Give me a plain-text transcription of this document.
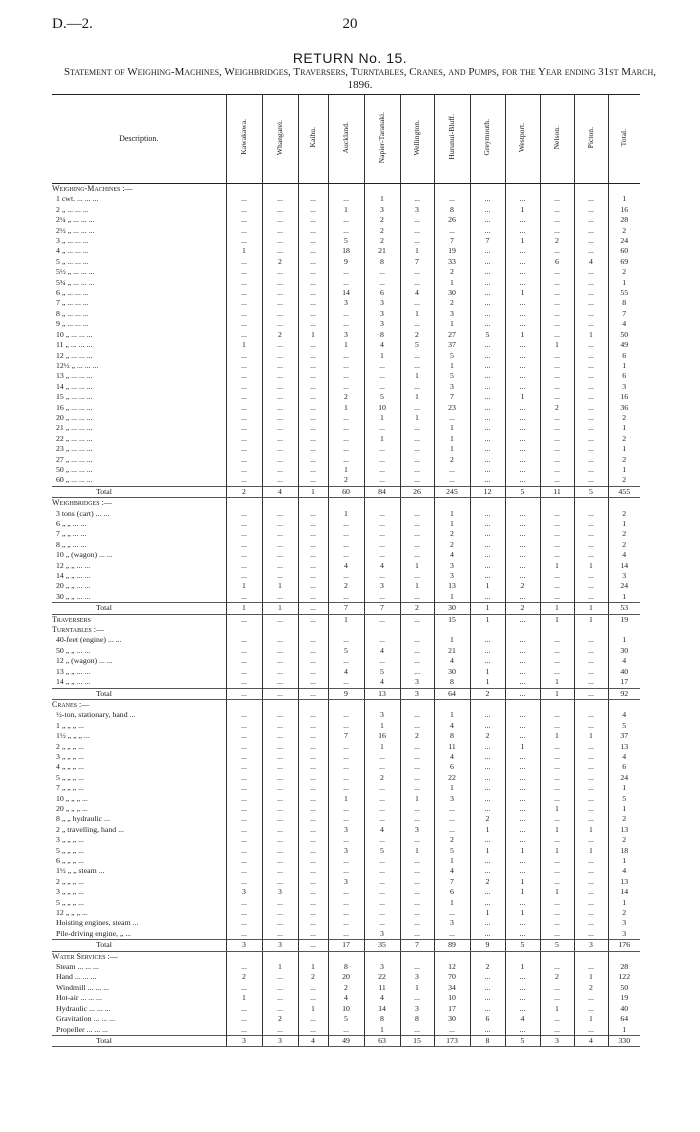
D.—2.	20
RETURN No. 15.
Statement of Weighing-Machines, Weighbridges, Traversers, Turntables, Cranes, and Pumps, for the Year ending 31st March, 1896.
Description.	Kawakawa.	Whangarei.	Kaihu.	Auckland.	Napier-Taranaki.	Wellington.	Hurunui-Bluff.	Greymouth.	Westport.	Nelson.	Picton.	Total.
Weighing-Machines :—												
1 cwt. ... ... ...	...	...	...	...	1	...	...	...	...	...	...	1
2 „ ... ... ...	...	...	...	1	3	3	8	...	1	...	...	16
2¼ „ ... ... ...	...	...	...	...	2	...	26	...	...	...	...	28
2½ „ ... ... ...	...	...	...	...	2	...	...	...	...	...	...	2
3 „ ... ... ...	...	...	...	5	2	...	7	7	1	2	...	24
4 „ ... ... ...	1	...	...	18	21	1	19	...	...	...	...	60
5 „ ... ... ...	...	2	...	9	8	7	33	...	...	6	4	69
5½ „ ... ... ...	...	...	...	...	...	...	2	...	...	...	...	2
5¾ „ ... ... ...	...	...	...	...	...	...	1	...	...	...	...	1
6 „ ... ... ...	...	...	...	14	6	4	30	...	1	...	...	55
7 „ ... ... ...	...	...	...	3	3	...	2	...	...	...	...	8
8 „ ... ... ...	...	...	...	...	3	1	3	...	...	...	...	7
9 „ ... ... ...	...	...	...	...	3	...	1	...	...	...	...	4
10 „ ... ... ...	...	2	1	3	8	2	27	5	1	...	1	50
11 „ ... ... ...	1	...	...	1	4	5	37	...	...	1	...	49
12 „ ... ... ...	...	...	...	...	1	...	5	...	...	...	...	6
12½ „ ... ... ...	...	...	...	...	...	...	1	...	...	...	...	1
13 „ ... ... ...	...	...	...	...	...	1	5	...	...	...	...	6
14 „ ... ... ...	...	...	...	...	...	...	3	...	...	...	...	3
15 „ ... ... ...	...	...	...	2	5	1	7	...	1	...	...	16
16 „ ... ... ...	...	...	...	1	10	...	23	...	...	2	...	36
20 „ ... ... ...	...	...	...	...	1	1	...	...	...	...	...	2
21 „ ... ... ...	...	...	...	...	...	...	1	...	...	...	...	1
22 „ ... ... ...	...	...	...	...	1	...	1	...	...	...	...	2
23 „ ... ... ...	...	...	...	...	...	...	1	...	...	...	...	1
27 „ ... ... ...	...	...	...	...	...	...	2	...	...	...	...	2
50 „ ... ... ...	...	...	...	1	...	...	...	...	...	...	...	1
60 „ ... ... ...	...	...	...	2	...	...	...	...	...	...	...	2
Total	2	4	1	60	84	26	245	12	5	11	5	455
Weighbridges :—												
3 tons (cart) ... ...	...	...	...	1	...	...	1	...	...	...	...	2
6 „ „ ... ...	...	...	...	...	...	...	1	...	...	...	...	1
7 „ „ ... ...	...	...	...	...	...	...	2	...	...	...	...	2
8 „ „ ... ...	...	...	...	...	...	...	2	...	...	...	...	2
10 „ (wagon) ... ...	...	...	...	...	...	...	4	...	...	...	...	4
12 „ „ ... ...	...	...	...	4	4	1	3	...	...	1	1	14
14 „ „ ... ...	...	...	...	...	...	...	3	...	...	...	...	3
20 „ „ ... ...	1	1	...	2	3	1	13	1	2	...	...	24
30 „ „ ... ...	...	...	...	...	...	...	1	...	...	...	...	1
Total	1	1	...	7	7	2	30	1	2	1	1	53
Traversers	...	...	...	1	...	...	15	1	...	1	1	19
Turntables :—												
40-feet (engine) ... ...	...	...	...	...	...	...	1	...	...	...	...	1
50 „ „ ... ...	...	...	...	5	4	...	21	...	...	...	...	30
12 „ (wagon) ... ...	...	...	...	...	...	...	4	...	...	...	...	4
13 „ „ ... ...	...	...	...	4	5	...	30	1	...	...	...	40
14 „ „ ... ...	...	...	...	...	4	3	8	1	...	1	...	17
Total	...	...	...	9	13	3	64	2	...	1	...	92
Cranes :—												
½-ton, stationary, hand ...	...	...	...	...	3	...	1	...	...	...	...	4
1 „ „ „ ...	...	...	...	...	1	...	4	...	...	...	...	5
1½ „ „ „ ...	...	...	...	7	16	2	8	2	...	1	1	37
2 „ „ „ ...	...	...	...	...	1	...	11	...	1	...	...	13
3 „ „ „ ...	...	...	...	...	...	...	4	...	...	...	...	4
4 „ „ „ ...	...	...	...	...	...	...	6	...	...	...	...	6
5 „ „ „ ...	...	...	...	...	2	...	22	...	...	...	...	24
7 „ „ „ ...	...	...	...	...	...	...	1	...	...	...	...	1
10 „ „ „ ...	...	...	...	1	...	1	3	...	...	...	...	5
20 „ „ „ ...	...	...	...	...	...	...	...	...	...	1	...	1
8 „ „ hydraulic ...	...	...	...	...	...	...	...	2	...	...	...	2
2 „ travelling, hand ...	...	...	...	3	4	3	...	1	...	1	1	13
3 „ „ „ ...	...	...	...	...	...	...	2	...	...	...	...	2
5 „ „ „ ...	...	...	...	3	5	1	5	1	1	1	1	18
6 „ „ „ ...	...	...	...	...	...	...	1	...	...	...	...	1
1½ „ „ steam ...	...	...	...	...	...	...	4	...	...	...	...	4
2 „ „ „ ...	...	...	...	3	...	...	7	2	1	...	...	13
3 „ „ „ ...	3	3	...	...	...	...	6	...	1	1	...	14
5 „ „ „ ...	...	...	...	...	...	...	1	...	...	...	...	1
12 „ „ „ ...	...	...	...	...	...	...	...	1	1	...	...	2
Hoisting engines, steam ...	...	...	...	...	...	...	3	...	...	...	...	3
Pile-driving engine, „ ...	...	...	...	...	3	...	...	...	...	...	...	3
Total	3	3	...	17	35	7	89	9	5	5	3	176
Water Services :—												
Steam ... ... ...	...	1	1	8	3	...	12	2	1	...	...	28
Hand ... ... ...	2	...	2	20	22	3	70	...	...	2	1	122
Windmill ... ... ...	...	...	...	2	11	1	34	...	...	...	2	50
Hot-air ... ... ...	1	...	...	4	4	...	10	...	...	...	...	19
Hydraulic ... ... ...	...	...	1	10	14	3	17	...	...	1	...	40
Gravitation ... ... ...	...	2	...	5	8	8	30	6	4	...	1	64
Propeller ... ... ...	...	...	...	...	1	...	...	...	...	...	...	1
Total	3	3	4	49	63	15	173	8	5	3	4	330
